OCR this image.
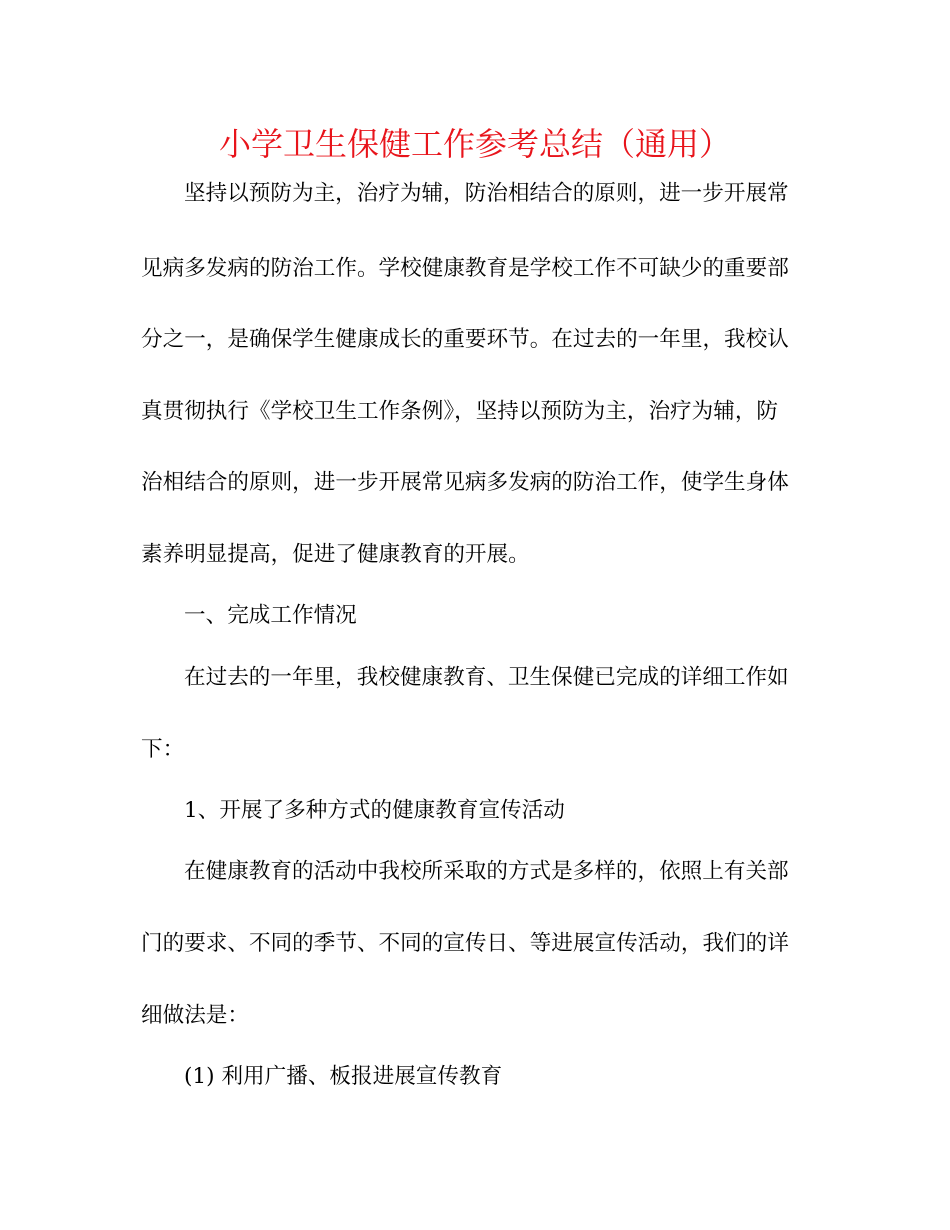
小学卫生保健工作参考总结（通用）
坚持以预防为主，治疗为辅，防治相结合的原则，进一步开展常
见病多发病的防治工作。学校健康教育是学校工作不可缺少的重要部
分之一，是确保学生健康成长的重要环节。在过去的一年里，我校认
真贯彻执行《学校卫生工作条例》，坚持以预防为主，治疗为辅，防
治相结合的原则，进一步开展常见病多发病的防治工作，使学生身体
素养明显提高，促进了健康教育的开展。
一、完成工作情况
在过去的一年里，我校健康教育、卫生保健已完成的详细工作如
下：
1、开展了多种方式的健康教育宣传活动
在健康教育的活动中我校所采取的方式是多样的，依照上有关部
门的要求、不同的季节、不同的宣传日、等进展宣传活动，我们的详
细做法是：
(1) 利用广播、板报进展宣传教育
